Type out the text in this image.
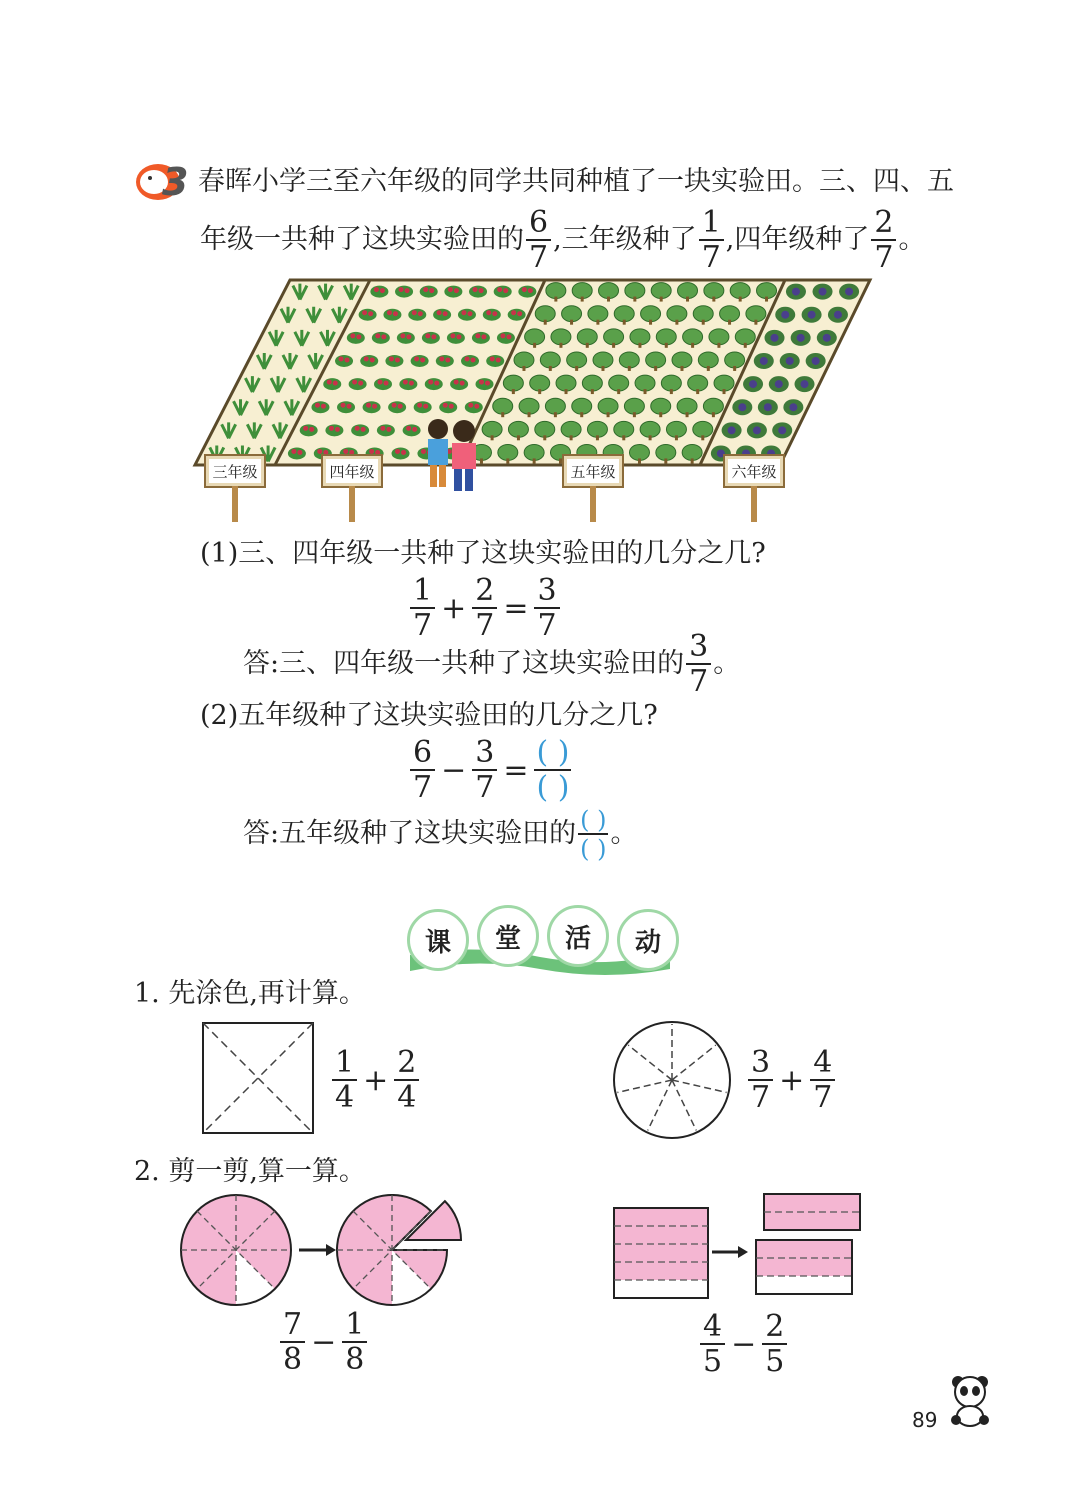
3 春晖小学三至六年级的同学共同种植了一块实验田。三、四、五
年级一共种了这块实验田的 $\frac{6}{7}$ ,三年级种了 $\frac{1}{7}$ ,四年级种了 $\frac{2}{7}$ 。
三年级	四年级	五年级	六年级
(1)三、四年级一共种了这块实验田的几分之几?
$\frac{1}{7} + \frac{2}{7} = \frac{3}{7}$
答:三、四年级一共种了这块实验田的 $\frac{3}{7}$ 。
(2)五年级种了这块实验田的几分之几?
$\frac{6}{7} - \frac{3}{7} = \frac{( )}{( )}$
答:五年级种了这块实验田的 $\frac{( )}{( )}$ 。
课	堂	活	动
1. 先涂色,再计算。
$\frac{1}{4} + \frac{2}{4}$	$\frac{3}{7} + \frac{4}{7}$
2. 剪一剪,算一算。
$\frac{7}{8} - \frac{1}{8}$	$\frac{4}{5} - \frac{2}{5}$
89
